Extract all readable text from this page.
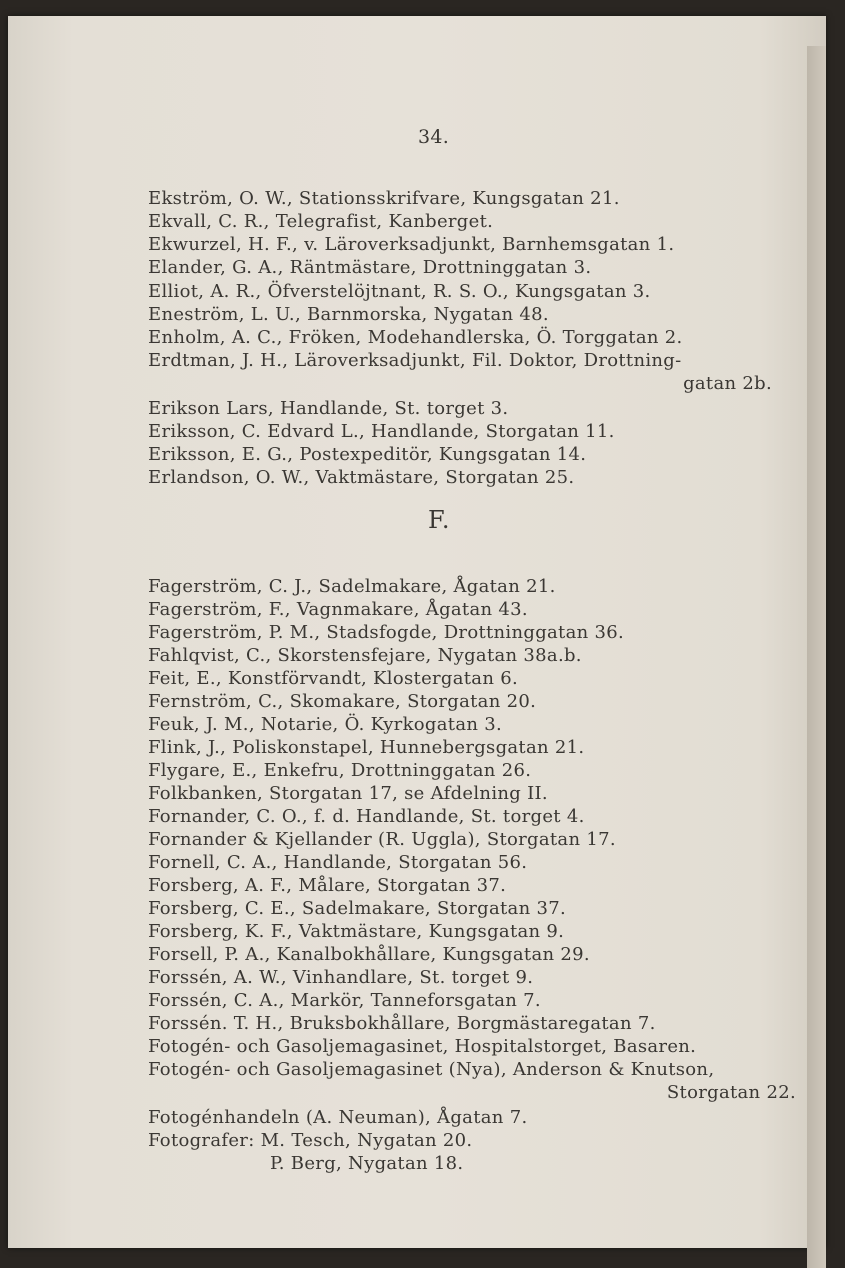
34.
Ekström, O. W., Stationsskrifvare, Kungsgatan 21.
Ekvall, C. R., Telegrafist, Kanberget.
Ekwurzel, H. F., v. Läroverksadjunkt, Barnhemsgatan 1.
Elander, G. A., Räntmästare, Drottninggatan 3.
Elliot, A. R., Öfverstelöjtnant, R. S. O., Kungsgatan 3.
Eneström, L. U., Barnmorska, Nygatan 48.
Enholm, A. C., Fröken, Modehandlerska, Ö. Torggatan 2.
Erdtman, J. H., Läroverksadjunkt, Fil. Doktor, Drottning-
gatan 2b.
Erikson Lars, Handlande, St. torget 3.
Eriksson, C. Edvard L., Handlande, Storgatan 11.
Eriksson, E. G., Postexpeditör, Kungsgatan 14.
Erlandson, O. W., Vaktmästare, Storgatan 25.
F.
Fagerström, C. J., Sadelmakare, Ågatan 21.
Fagerström, F., Vagnmakare, Ågatan 43.
Fagerström, P. M., Stadsfogde, Drottninggatan 36.
Fahlqvist, C., Skorstensfejare, Nygatan 38a.b.
Feit, E., Konstförvandt, Klostergatan 6.
Fernström, C., Skomakare, Storgatan 20.
Feuk, J. M., Notarie, Ö. Kyrkogatan 3.
Flink, J., Poliskonstapel, Hunnebergsgatan 21.
Flygare, E., Enkefru, Drottninggatan 26.
Folkbanken, Storgatan 17, se Afdelning II.
Fornander, C. O., f. d. Handlande, St. torget 4.
Fornander & Kjellander (R. Uggla), Storgatan 17.
Fornell, C. A., Handlande, Storgatan 56.
Forsberg, A. F., Målare, Storgatan 37.
Forsberg, C. E., Sadelmakare, Storgatan 37.
Forsberg, K. F., Vaktmästare, Kungsgatan 9.
Forsell, P. A., Kanalbokhållare, Kungsgatan 29.
Forssén, A. W., Vinhandlare, St. torget 9.
Forssén, C. A., Markör, Tanneforsgatan 7.
Forssén. T. H., Bruksbokhållare, Borgmästaregatan 7.
Fotogén- och Gasoljemagasinet, Hospitalstorget, Basaren.
Fotogén- och Gasoljemagasinet (Nya), Anderson & Knutson,
Storgatan 22.
Fotogénhandeln (A. Neuman), Ågatan 7.
Fotografer: M. Tesch, Nygatan 20.
P. Berg, Nygatan 18.
